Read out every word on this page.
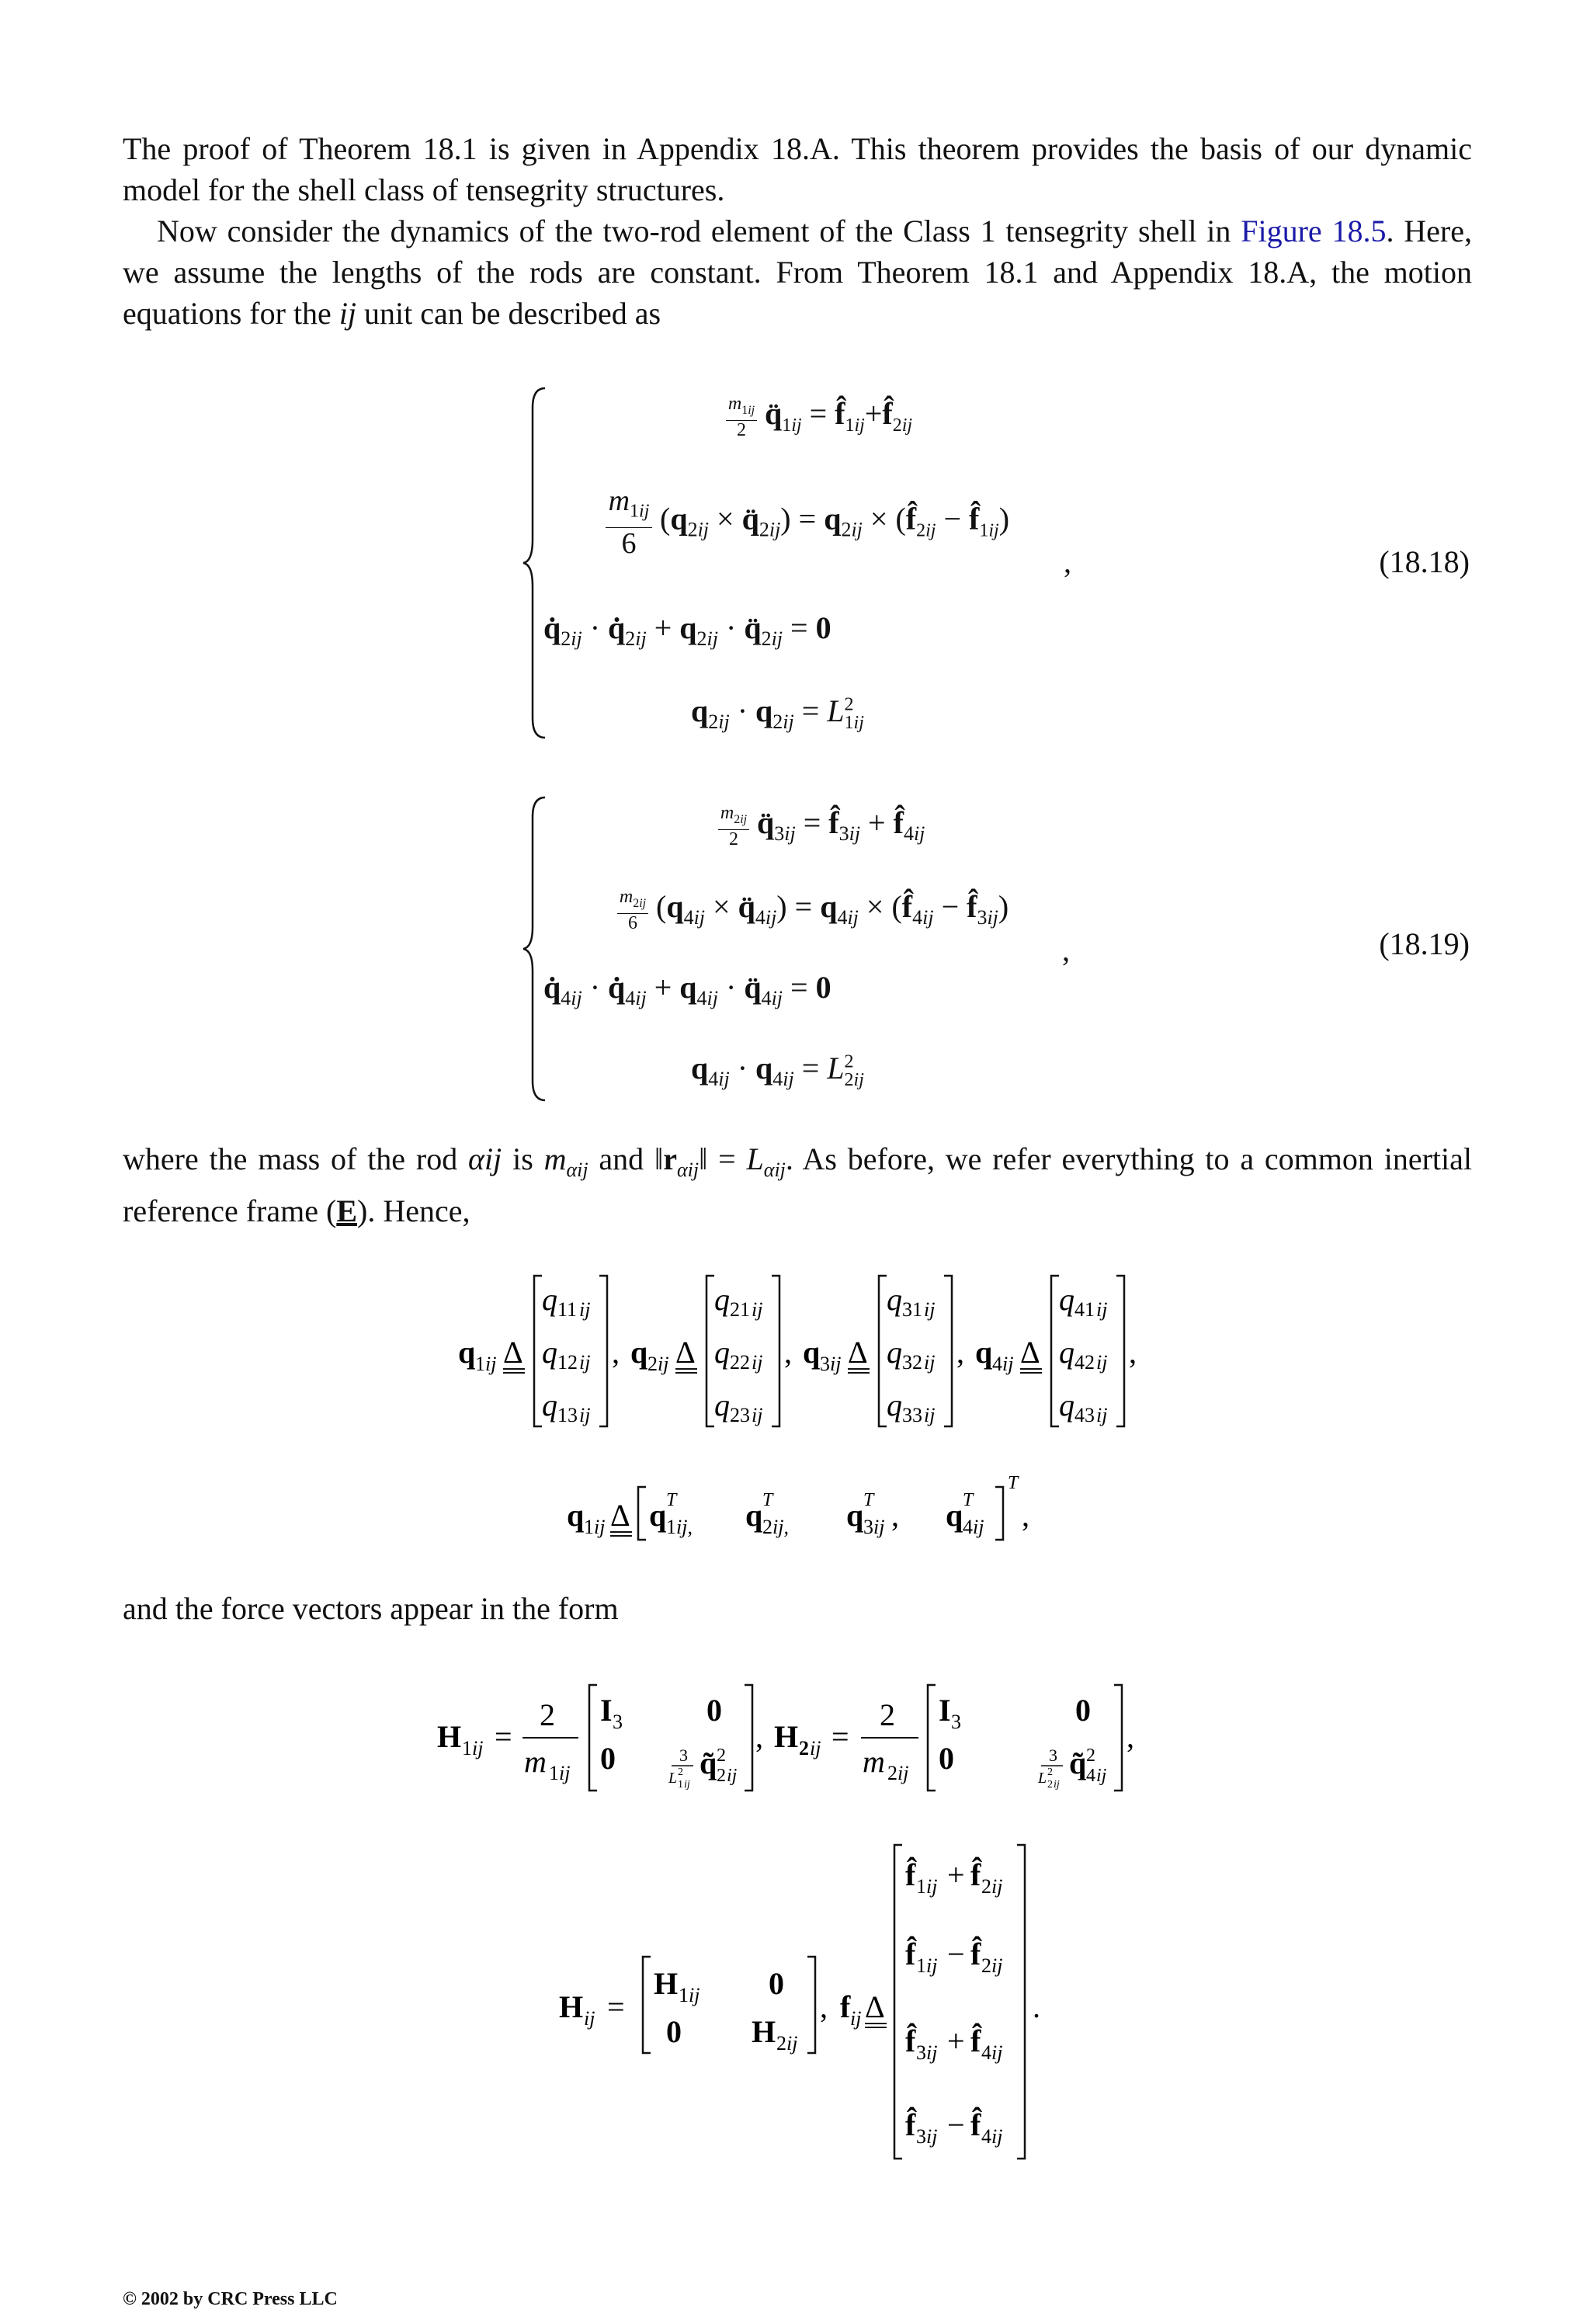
The proof of Theorem 18.1 is given in Appendix 18.A. This theorem provides the basis of our dynamic model for the shell class of tensegrity structures.

Now consider the dynamics of the two-rod element of the Class 1 tensegrity shell in Figure 18.5. Here, we assume the lengths of the rods are constant. From Theorem 18.1 and Appendix 18.A, the motion equations for the ij unit can be described as

$m_{1ij}$
2 $q̈_{1ij}$ = $f̂_{1ij}+f̂_{2ij}$
$m_{1ij}$
6 ($q_{2ij}$ × $q̈_{2ij}) = q_{2ij}$ × ($f̂_{2ij}$ − $f̂_{1ij}$)
,	(18.18)
$q̇_{2ij}$ · $q̇_{2ij} + q_{2ij}$ · $q̈_{2ij} = 0$
$q_{2ij} \cdot q_{2ij} = L^2_{1ij}$
$m_{2ij}$
2 $q̈_{3ij}$ = $f̂_{3ij}$ + $f̂_{4ij}$
$m_{2ij}$
6 ($q_{4ij}$ × $q̈_{4ij}) = q_{4ij}$ × ($f̂_{4ij}$ − $f̂_{3ij}$)
,	(18.19)
$q̇_{4ij}$ · $q̇_{4ij} + q_{4ij}$ · $q̈_{4ij} = 0$
$q_{4ij} \cdot q_{4ij} = L^2_{2ij}$

where the mass of the rod αij is $m_{\alpha ij}$ and $‖r_{\alpha ij}‖ = L_{\alpha ij}$. As before, we refer everything to a common inertial reference frame (E). Hence,

q 1 ij Δ
q 11 ij
q 12 ij
q 13 ij
, q 2 ij Δ
q 21 ij
q 22 ij
q 23 ij
, q 3 ij Δ
q 31 ij
q 32 ij
q 33 ij
, q 4 ij Δ
q 41 ij
q 42 ij
q 43 ij
,
q 1 ij Δ q T
1 ij, q T
2 ij, q T
3 ij , q T
4 ij
T
,

and the force vectors appear in the form

H 1 ij =
2
m 1 ij
I 3	0
0	3
L 2
1 ij
q̃ 2
2 ij
, H 2 ij =
2
m 2 ij
I 3	0
0	3
L 2
2 ij
q̃ 2
4 ij
,
H ij =
H 1 ij 0
0 H 2 ij
, f ij Δ
f̂ 1 ij + f̂ 2 ij
f̂ 1 ij − f̂ 2 ij
f̂ 3 ij + f̂ 4 ij
f̂ 3 ij − f̂ 4 ij
.
© 2002 by CRC Press LLC
